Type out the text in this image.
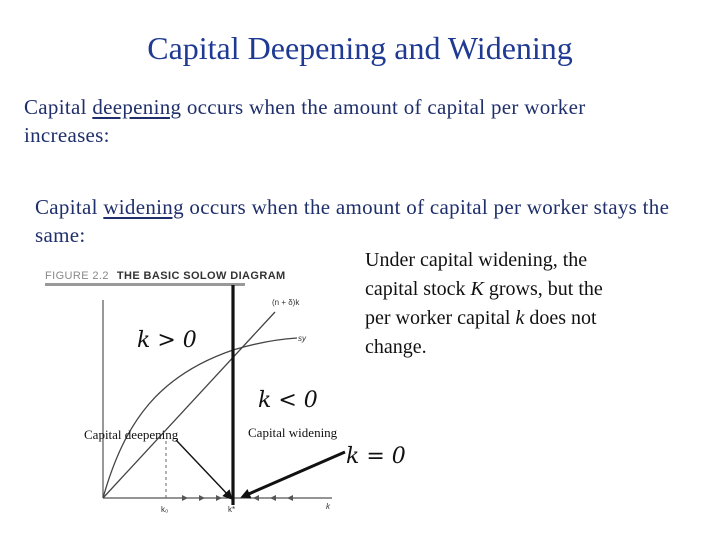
Capital Deepening and Widening
Capital deepening occurs when the amount of capital per worker increases:
Capital widening occurs when the amount of capital per worker stays the same:
Under capital widening, the
capital stock K grows, but the
per worker capital k does not
change.
FIGURE 2.2 THE BASIC SOLOW DIAGRAM
(n + δ)k
sy
k₀	k*	k
k > 0
k < 0
k = 0
Capital deepening	Capital widening
